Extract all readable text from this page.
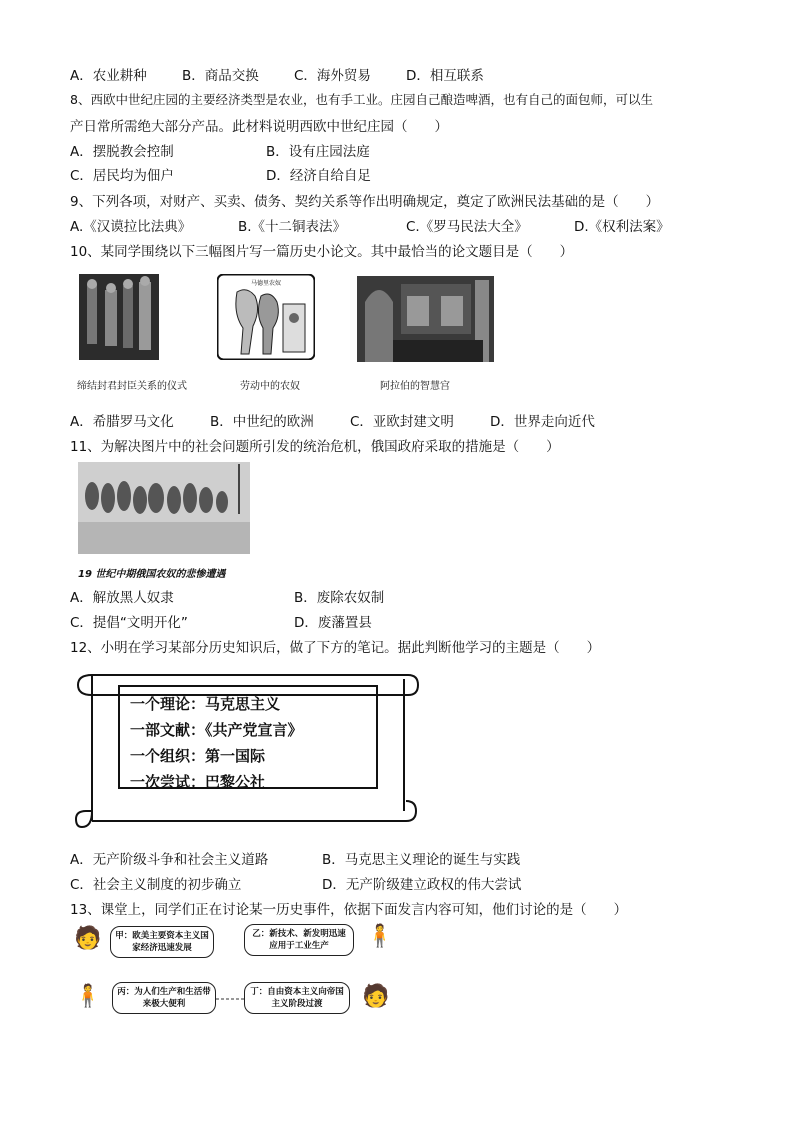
A．农业耕种	B．商品交换	C．海外贸易	D．相互联系
8、西欧中世纪庄园的主要经济类型是农业，也有手工业。庄园自己酿造啤酒，也有自己的面包师，可以生
产日常所需绝大部分产品。此材料说明西欧中世纪庄园（　　）
A．摆脱教会控制	B．设有庄园法庭
C．居民均为佃户	D．经济自给自足
9、下列各项，对财产、买卖、债务、契约关系等作出明确规定，奠定了欧洲民法基础的是（　　）
A.《汉谟拉比法典》	B.《十二铜表法》	C.《罗马民法大全》	D.《权利法案》
10、某同学围绕以下三幅图片写一篇历史小论文。其中最恰当的论文题目是（　　）
缔结封君封臣关系的仪式
马德里农奴
劳动中的农奴	阿拉伯的智慧宫
A．希腊罗马文化	B．中世纪的欧洲	C．亚欧封建文明	D．世界走向近代
11、为解决图片中的社会问题所引发的统治危机，俄国政府采取的措施是（　　）
19 世纪中期俄国农奴的悲惨遭遇
A．解放黑人奴隶	B．废除农奴制
C．提倡“文明开化”	D．废藩置县
12、小明在学习某部分历史知识后，做了下方的笔记。据此判断他学习的主题是（　　）
一个理论：马克思主义
一部文献：《共产党宣言》
一个组织：第一国际
一次尝试：巴黎公社
A．无产阶级斗争和社会主义道路	B．马克思主义理论的诞生与实践
C．社会主义制度的初步确立	D．无产阶级建立政权的伟大尝试
13、课堂上，同学们正在讨论某一历史事件，依据下面发言内容可知，他们讨论的是（　　）
🧑	甲：欧美主要资本主义国家经济迅速发展
乙：新技术、新发明迅速应用于工业生产	🧍
🧍	丙：为人们生产和生活带来极大便利
丁：自由资本主义向帝国主义阶段过渡	🧑
